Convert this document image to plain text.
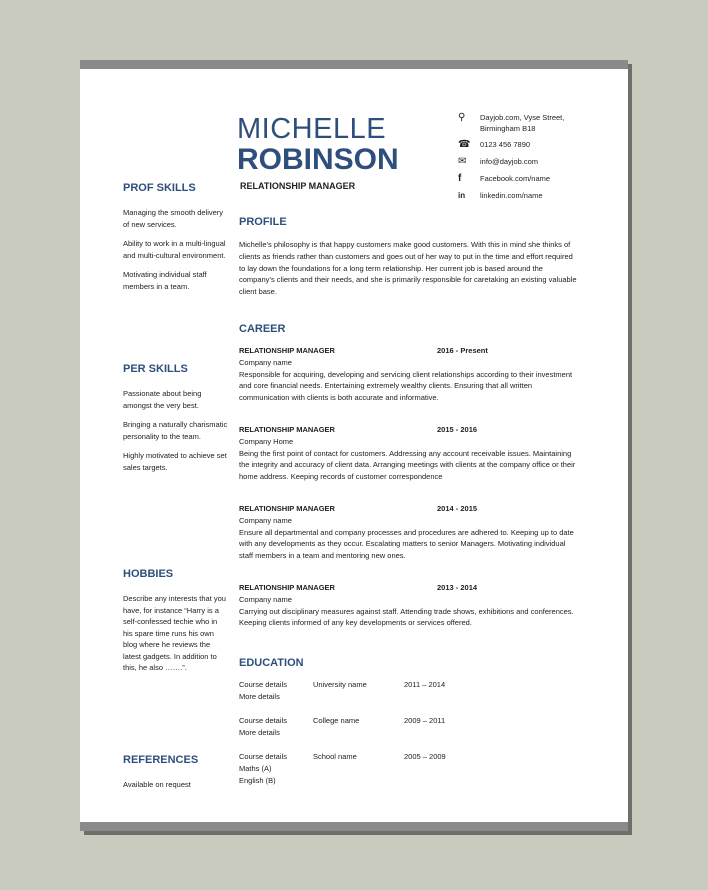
MICHELLE
ROBINSON
RELATIONSHIP MANAGER
⚲	Dayjob.com, Vyse Street,
Birmingham B18
☎	0123 456 7890
✉	info@dayjob.com
f	Facebook.com/name
in	linkedin.com/name
PROF SKILLS
Managing the smooth delivery of new services.
Ability to work in a multi-lingual and multi-cultural environment.
Motivating individual staff members in a team.
PER SKILLS
Passionate about being amongst the very best.
Bringing a naturally charismatic personality to the team.
Highly motivated to achieve set sales targets.
HOBBIES
Describe any interests that you have, for instance “Harry is a self-confessed techie who in his spare time runs his own blog where he reviews the latest gadgets. In addition to this, he also …….”.
REFERENCES
Available on request
PROFILE
Michelle’s philosophy is that happy customers make good customers. With this in mind she thinks of clients as friends rather than customers and goes out of her way to put in the time and effort required to lay down the foundations for a long term relationship. Her current job is based around the company’s clients and their needs, and she is primarily responsible for caretaking an existing valuable client base.
CAREER
RELATIONSHIP MANAGER	2016 - Present
Company name
Responsible for acquiring, developing and servicing client relationships according to their investment and core financial needs. Entertaining extremely wealthy clients. Ensuring that all written communication with clients is both accurate and informative.
RELATIONSHIP MANAGER	2015 - 2016
Company Home
Being the first point of contact for customers. Addressing any account receivable issues. Maintaining the integrity and accuracy of client data. Arranging meetings with clients at the company office or their home address. Keeping records of customer correspondence
RELATIONSHIP MANAGER	2014 - 2015
Company name
Ensure all departmental and company processes and procedures are adhered to. Keeping up to date with any developments as they occur. Escalating matters to senior Managers. Motivating individual staff members in a team and mentoring new ones.
RELATIONSHIP MANAGER	2013 - 2014
Company name
Carrying out disciplinary measures against staff. Attending trade shows, exhibitions and conferences. Keeping clients informed of any key developments or services offered.
EDUCATION
Course details	University name	2011 – 2014
More details
Course details	College name	2009 – 2011
More details
Course details	School name	2005 – 2009
Maths (A)
English (B)
